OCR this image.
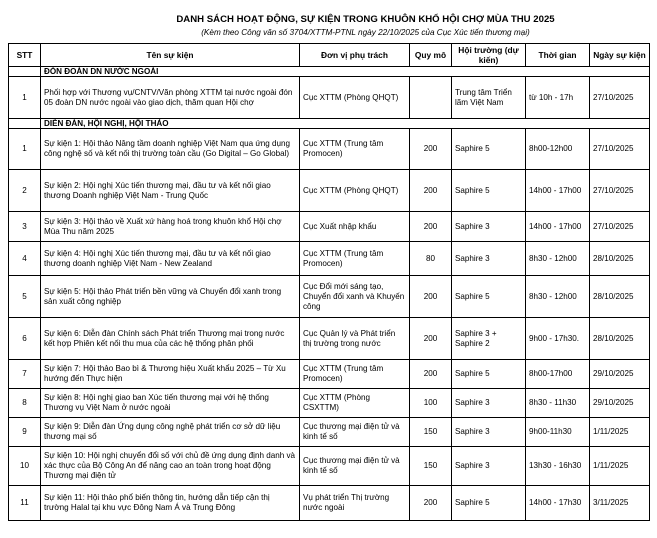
DANH SÁCH HOẠT ĐỘNG, SỰ KIỆN TRONG KHUÔN KHỔ HỘI CHỢ MÙA THU 2025
(Kèm theo Công văn số 3704/XTTM-PTNL ngày 22/10/2025 của Cục Xúc tiến thương mại)
STT	Tên sự kiện	Đơn vị phụ trách	Quy mô	Hội trường (dự kiến)	Thời gian	Ngày sự kiện
	ĐÓN ĐOÀN DN NƯỚC NGOÀI					
1	Phối hợp với Thương vụ/CNTV/Văn phòng XTTM tại nước ngoài đón 05 đoàn DN nước ngoài vào giao dịch, thăm quan Hội chợ	Cục XTTM (Phòng QHQT)		Trung tâm Triển lãm Việt Nam	từ 10h - 17h	27/10/2025
	DIỄN ĐÀN, HỘI NGHỊ, HỘI THẢO					
1	Sự kiện 1: Hội thảo Nâng tầm doanh nghiệp Việt Nam qua ứng dụng công nghệ số và kết nối thị trường toàn cầu (Go Digital – Go Global)	Cục XTTM (Trung tâm Promocen)	200	Saphire 5	8h00-12h00	27/10/2025
2	Sự kiện 2: Hội nghị Xúc tiến thương mại, đầu tư và kết nối giao thương Doanh nghiệp Việt Nam - Trung Quốc	Cục XTTM (Phòng QHQT)	200	Saphire 5	14h00 - 17h00	27/10/2025
3	Sự kiện 3: Hội thảo về Xuất xứ hàng hoá trong khuôn khổ Hội chợ Mùa Thu năm 2025	Cục Xuất nhập khẩu	200	Saphire 3	14h00 - 17h00	27/10/2025
4	Sự kiện 4: Hội nghị Xúc tiến thương mại, đầu tư và kết nối giao thương doanh nghiệp Việt Nam - New Zealand	Cục XTTM (Trung tâm Promocen)	80	Saphire 3	8h30 - 12h00	28/10/2025
5	Sự kiện 5: Hội thảo Phát triển bền vững và Chuyển đổi xanh trong sản xuất công nghiệp	Cục Đổi mới sáng tạo, Chuyển đổi xanh và Khuyến công	200	Saphire 5	8h30 - 12h00	28/10/2025
6	Sự kiện 6: Diễn đàn Chính sách Phát triển Thương mại trong nước kết hợp Phiên kết nối thu mua của các hệ thống phân phối	Cục Quản lý và Phát triển thị trường trong nước	200	Saphire 3 + Saphire 2	9h00 - 17h30.	28/10/2025
7	Sự kiện 7: Hội thảo Bao bì & Thương hiệu Xuất khẩu 2025 – Từ Xu hướng đến Thực hiện	Cục XTTM (Trung tâm Promocen)	200	Saphire 5	8h00-17h00	29/10/2025
8	Sự kiện 8: Hội nghị giao ban Xúc tiến thương mại với hệ thống Thương vụ Việt Nam ở nước ngoài	Cục XTTM (Phòng CSXTTM)	100	Saphire 3	8h30 - 11h30	29/10/2025
9	Sự kiện 9: Diễn đàn Ứng dụng công nghệ phát triển cơ sở dữ liệu thương mại số	Cục thương mại điện tử và kinh tế số	150	Saphire 3	9h00-11h30	1/11/2025
10	Sự kiện 10: Hội nghị chuyển đổi số với chủ đề ứng dụng định danh và xác thực của Bộ Công An để nâng cao an toàn trong hoạt động Thương mại điện tử	Cục thương mại điện tử và kinh tế số	150	Saphire 3	13h30 - 16h30	1/11/2025
11	Sự kiện 11: Hội thảo phổ biến thông tin, hướng dẫn tiếp cận thị trường Halal tại khu vực Đông Nam Á và Trung Đông	Vụ phát triển Thị trường nước ngoài	200	Saphire 5	14h00 - 17h30	3/11/2025
